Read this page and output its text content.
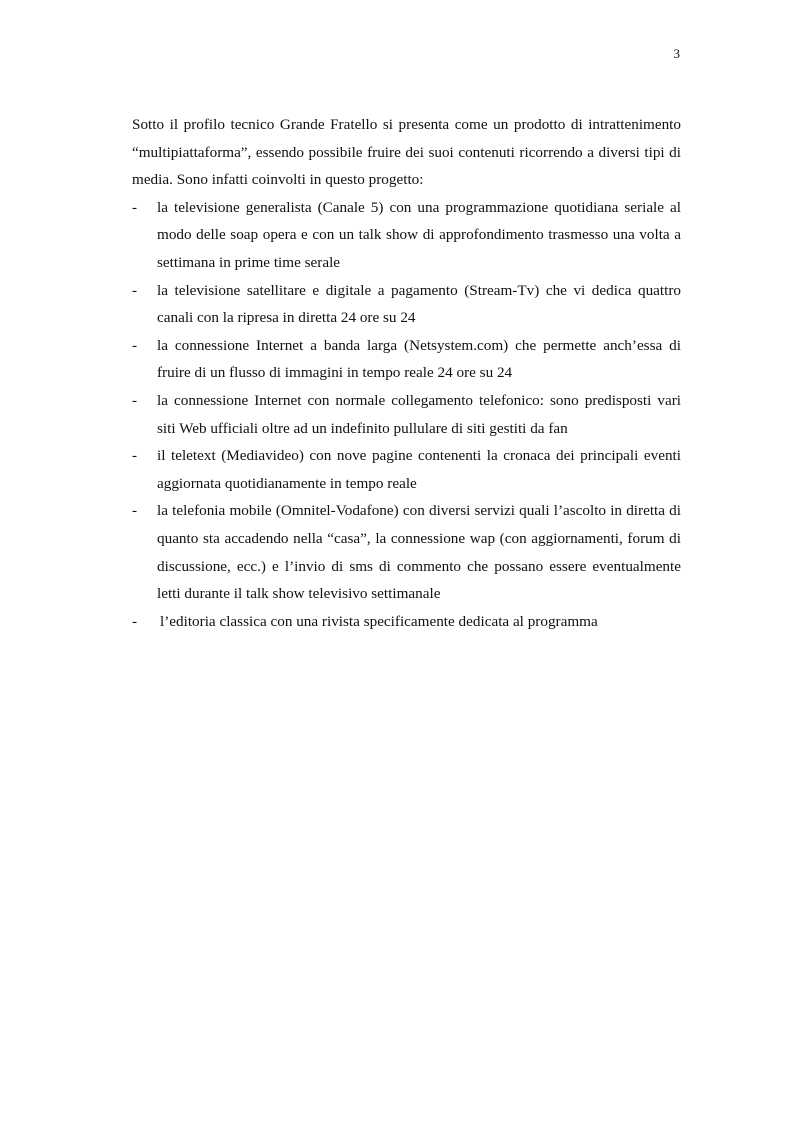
3

Sotto il profilo tecnico Grande Fratello si presenta come un prodotto di intrattenimento “multipiattaforma”, essendo possibile fruire dei suoi contenuti ricorrendo a diversi tipi di media. Sono infatti coinvolti in questo progetto:

- la televisione generalista (Canale 5) con una programmazione quotidiana seriale al modo delle soap opera e con un talk show di approfondimento trasmesso una volta a settimana in prime time serale
- la televisione satellitare e digitale a pagamento (Stream-Tv) che vi dedica quattro canali con la ripresa in diretta 24 ore su 24
- la connessione Internet a banda larga (Netsystem.com) che permette anch’essa di fruire di un flusso di immagini in tempo reale 24 ore su 24
- la connessione Internet con normale collegamento telefonico: sono predisposti vari siti Web ufficiali oltre ad un indefinito pullulare di siti gestiti da fan
- il teletext (Mediavideo) con nove pagine contenenti la cronaca dei principali eventi aggiornata quotidianamente in tempo reale
- la telefonia mobile (Omnitel-Vodafone) con diversi servizi quali l’ascolto in diretta di quanto sta accadendo nella “casa”, la connessione wap (con aggiornamenti, forum di discussione, ecc.) e l’invio di sms di commento che possano essere eventualmente letti durante il talk show televisivo settimanale
- l’editoria classica con una rivista specificamente dedicata al programma
